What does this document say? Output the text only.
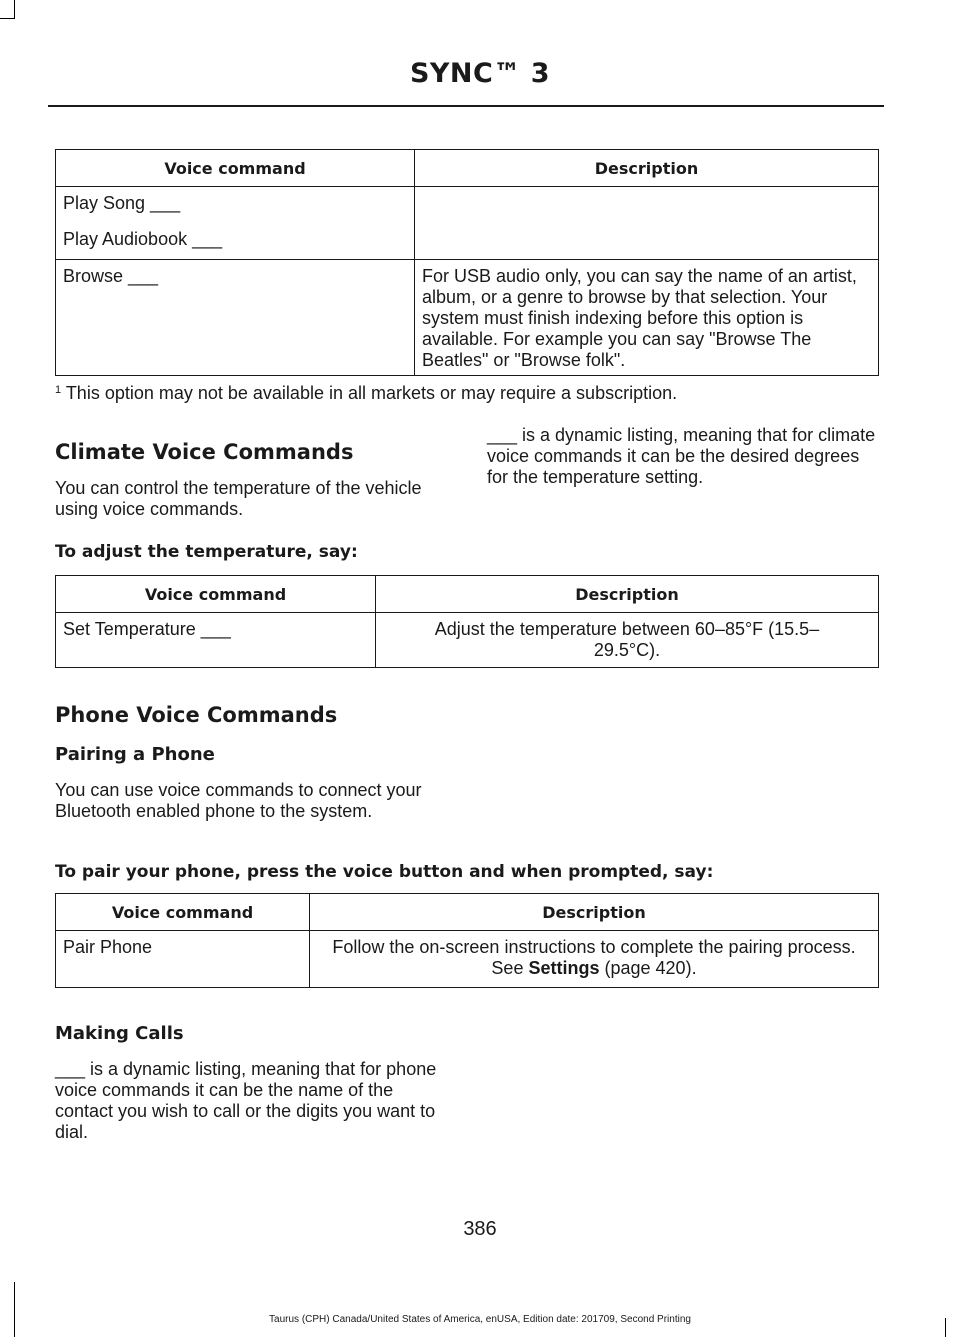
SYNC™ 3
Voice command	Description

Play Song ___
Play Audiobook ___	

Browse ___	For USB audio only, you can say the name of an artist, album, or a genre to browse by that selection. Your system must finish indexing before this option is available. For example you can say "Browse The Beatles" or "Browse folk".
$^1$ This option may not be available in all markets or may require a subscription.
Climate Voice Commands
You can control the temperature of the vehicle using voice commands.
___ is a dynamic listing, meaning that for climate voice commands it can be the desired degrees for the temperature setting.
To adjust the temperature, say:
Voice command	Description

Set Temperature ___	Adjust the temperature between 60–85°F (15.5–29.5°C).
Phone Voice Commands
Pairing a Phone
You can use voice commands to connect your Bluetooth enabled phone to the system.
To pair your phone, press the voice button and when prompted, say:
Voice command	Description

Pair Phone	Follow the on-screen instructions to complete the pairing process. See Settings (page 420).
Making Calls
___ is a dynamic listing, meaning that for phone voice commands it can be the name of the contact you wish to call or the digits you want to dial.
386
Taurus (CPH) Canada/United States of America, enUSA, Edition date: 201709, Second Printing
